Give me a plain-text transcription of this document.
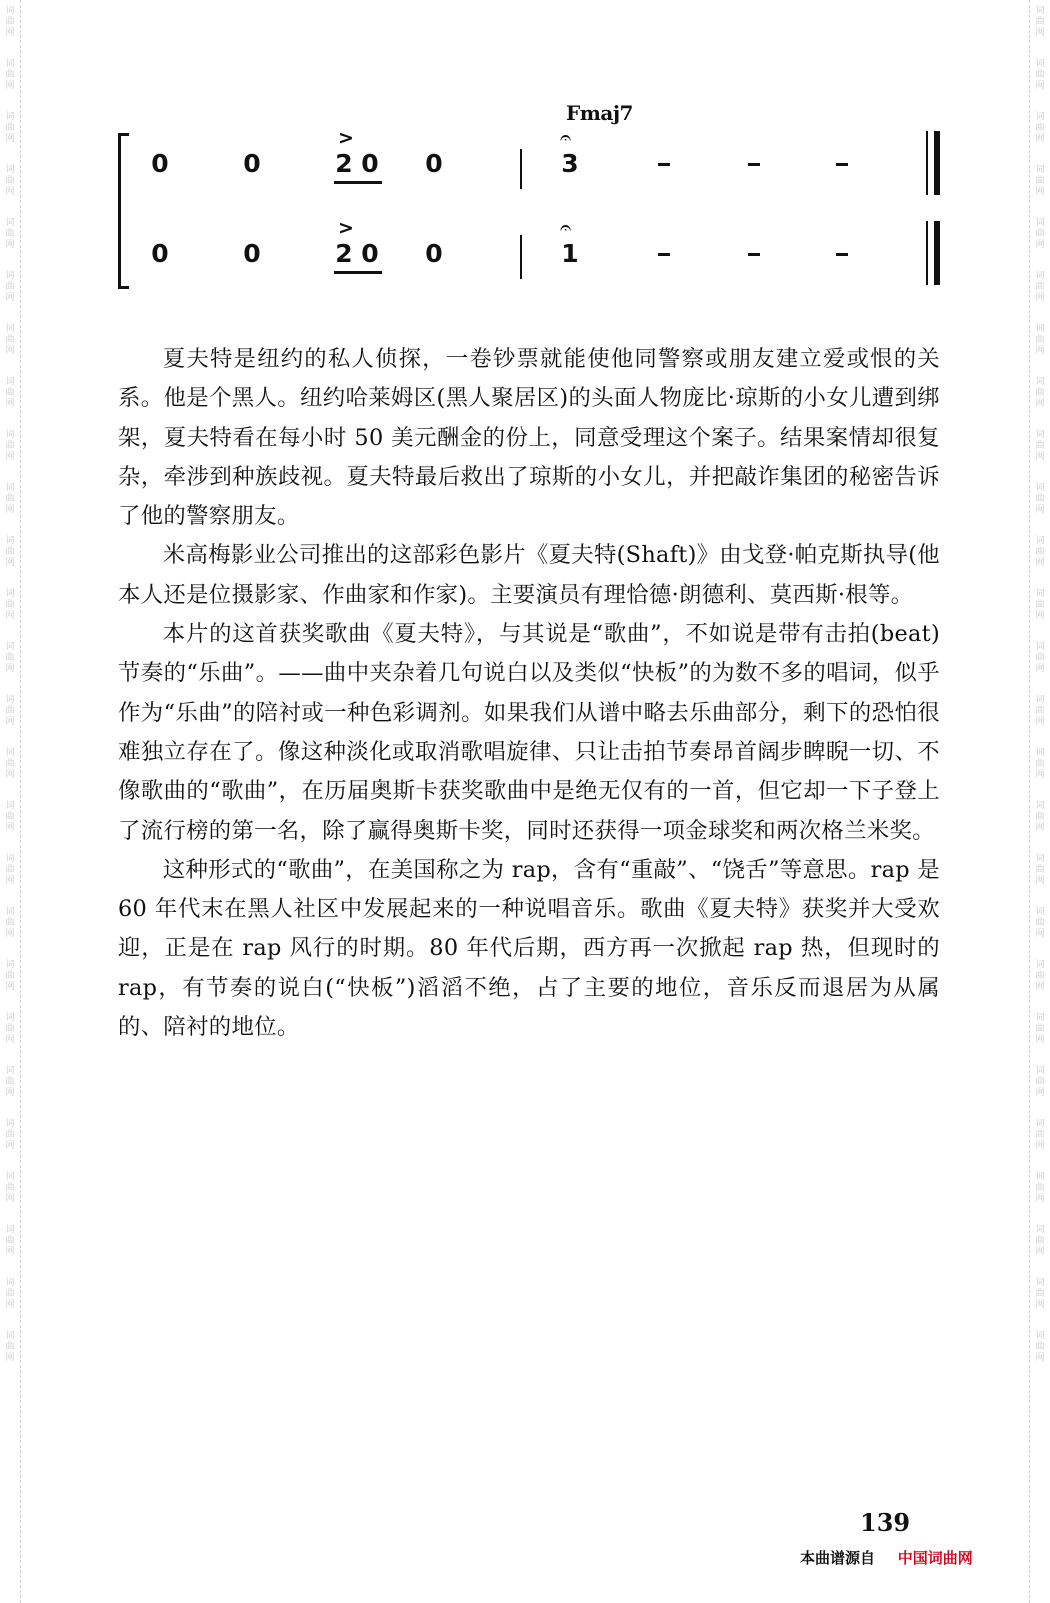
词曲网
词曲网
词曲网
词曲网
词曲网
词曲网
词曲网
词曲网
词曲网
词曲网
词曲网
词曲网
词曲网
词曲网
词曲网
词曲网
词曲网
词曲网
词曲网
词曲网
词曲网
词曲网
词曲网
词曲网
词曲网
词曲网
词曲网
词曲网
词曲网
词曲网
词曲网
词曲网
词曲网
词曲网
词曲网
词曲网
词曲网
词曲网
词曲网
词曲网
词曲网
词曲网
词曲网
词曲网
词曲网
词曲网
词曲网
词曲网
词曲网
词曲网
词曲网
词曲网
Fmaj7
0	0
>
2 0 0
𝄐
3
0	0
>
2 0 0
𝄐
1

夏夫特是纽约的私人侦探，一卷钞票就能使他同警察或朋友建立爱或恨的关系。他是个黑人。纽约哈莱姆区(黑人聚居区)的头面人物庞比·琼斯的小女儿遭到绑架，夏夫特看在每小时 50 美元酬金的份上，同意受理这个案子。结果案情却很复杂，牵涉到种族歧视。夏夫特最后救出了琼斯的小女儿，并把敲诈集团的秘密告诉了他的警察朋友。

米高梅影业公司推出的这部彩色影片《夏夫特(Shaft)》由戈登·帕克斯执导(他本人还是位摄影家、作曲家和作家)。主要演员有理恰德·朗德利、莫西斯·根等。

本片的这首获奖歌曲《夏夫特》，与其说是“歌曲”，不如说是带有击拍(beat)节奏的“乐曲”。——曲中夹杂着几句说白以及类似“快板”的为数不多的唱词，似乎作为“乐曲”的陪衬或一种色彩调剂。如果我们从谱中略去乐曲部分，剩下的恐怕很难独立存在了。像这种淡化或取消歌唱旋律、只让击拍节奏昂首阔步睥睨一切、不像歌曲的“歌曲”，在历届奥斯卡获奖歌曲中是绝无仅有的一首，但它却一下子登上了流行榜的第一名，除了赢得奥斯卡奖，同时还获得一项金球奖和两次格兰米奖。

这种形式的“歌曲”，在美国称之为 rap，含有“重敲”、“饶舌”等意思。rap 是 60 年代末在黑人社区中发展起来的一种说唱音乐。歌曲《夏夫特》获奖并大受欢迎，正是在 rap 风行的时期。80 年代后期，西方再一次掀起 rap 热，但现时的 rap，有节奏的说白(“快板”)滔滔不绝，占了主要的地位，音乐反而退居为从属的、陪衬的地位。

139
本曲谱源自 中国词曲网
